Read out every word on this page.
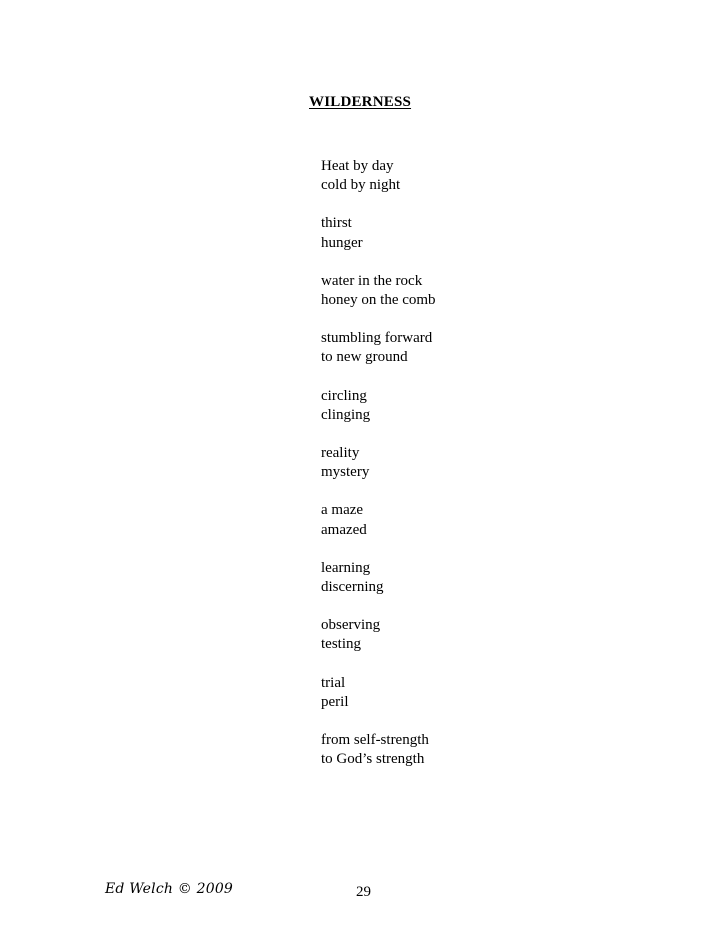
WILDERNESS
Heat by day
cold by night
thirst
hunger
water in the rock
honey on the comb
stumbling forward
to new ground
circling
clinging
reality
mystery
a maze
amazed
learning
discerning
observing
testing
trial
peril
from self-strength
to God’s strength
Ed Welch © 2009	29
